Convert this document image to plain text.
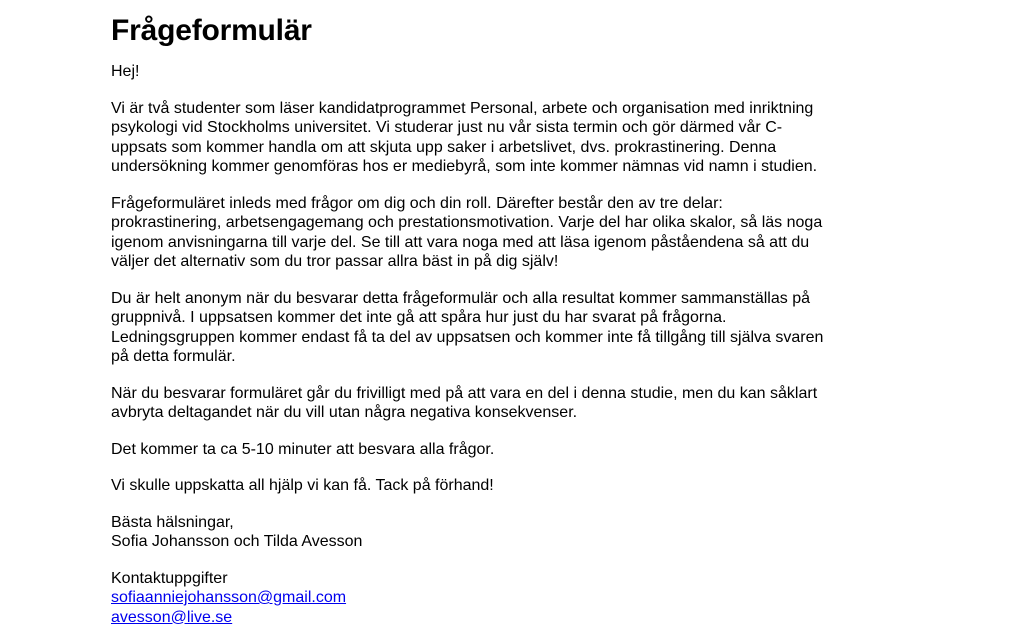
Frågeformulär

Hej!

Vi är två studenter som läser kandidatprogrammet Personal, arbete och organisation med inriktning
psykologi vid Stockholms universitet. Vi studerar just nu vår sista termin och gör därmed vår C-
uppsats som kommer handla om att skjuta upp saker i arbetslivet, dvs. prokrastinering. Denna
undersökning kommer genomföras hos er mediebyrå, som inte kommer nämnas vid namn i studien.

Frågeformuläret inleds med frågor om dig och din roll. Därefter består den av tre delar:
prokrastinering, arbetsengagemang och prestationsmotivation. Varje del har olika skalor, så läs noga
igenom anvisningarna till varje del. Se till att vara noga med att läsa igenom påståendena så att du
väljer det alternativ som du tror passar allra bäst in på dig själv!

Du är helt anonym när du besvarar detta frågeformulär och alla resultat kommer sammanställas på
gruppnivå. I uppsatsen kommer det inte gå att spåra hur just du har svarat på frågorna.
Ledningsgruppen kommer endast få ta del av uppsatsen och kommer inte få tillgång till själva svaren
på detta formulär.

När du besvarar formuläret går du frivilligt med på att vara en del i denna studie, men du kan såklart
avbryta deltagandet när du vill utan några negativa konsekvenser.

Det kommer ta ca 5-10 minuter att besvara alla frågor.

Vi skulle uppskatta all hjälp vi kan få. Tack på förhand!

Bästa hälsningar,
Sofia Johansson och Tilda Avesson

Kontaktuppgifter
sofiaanniejohansson@gmail.com
avesson@live.se
